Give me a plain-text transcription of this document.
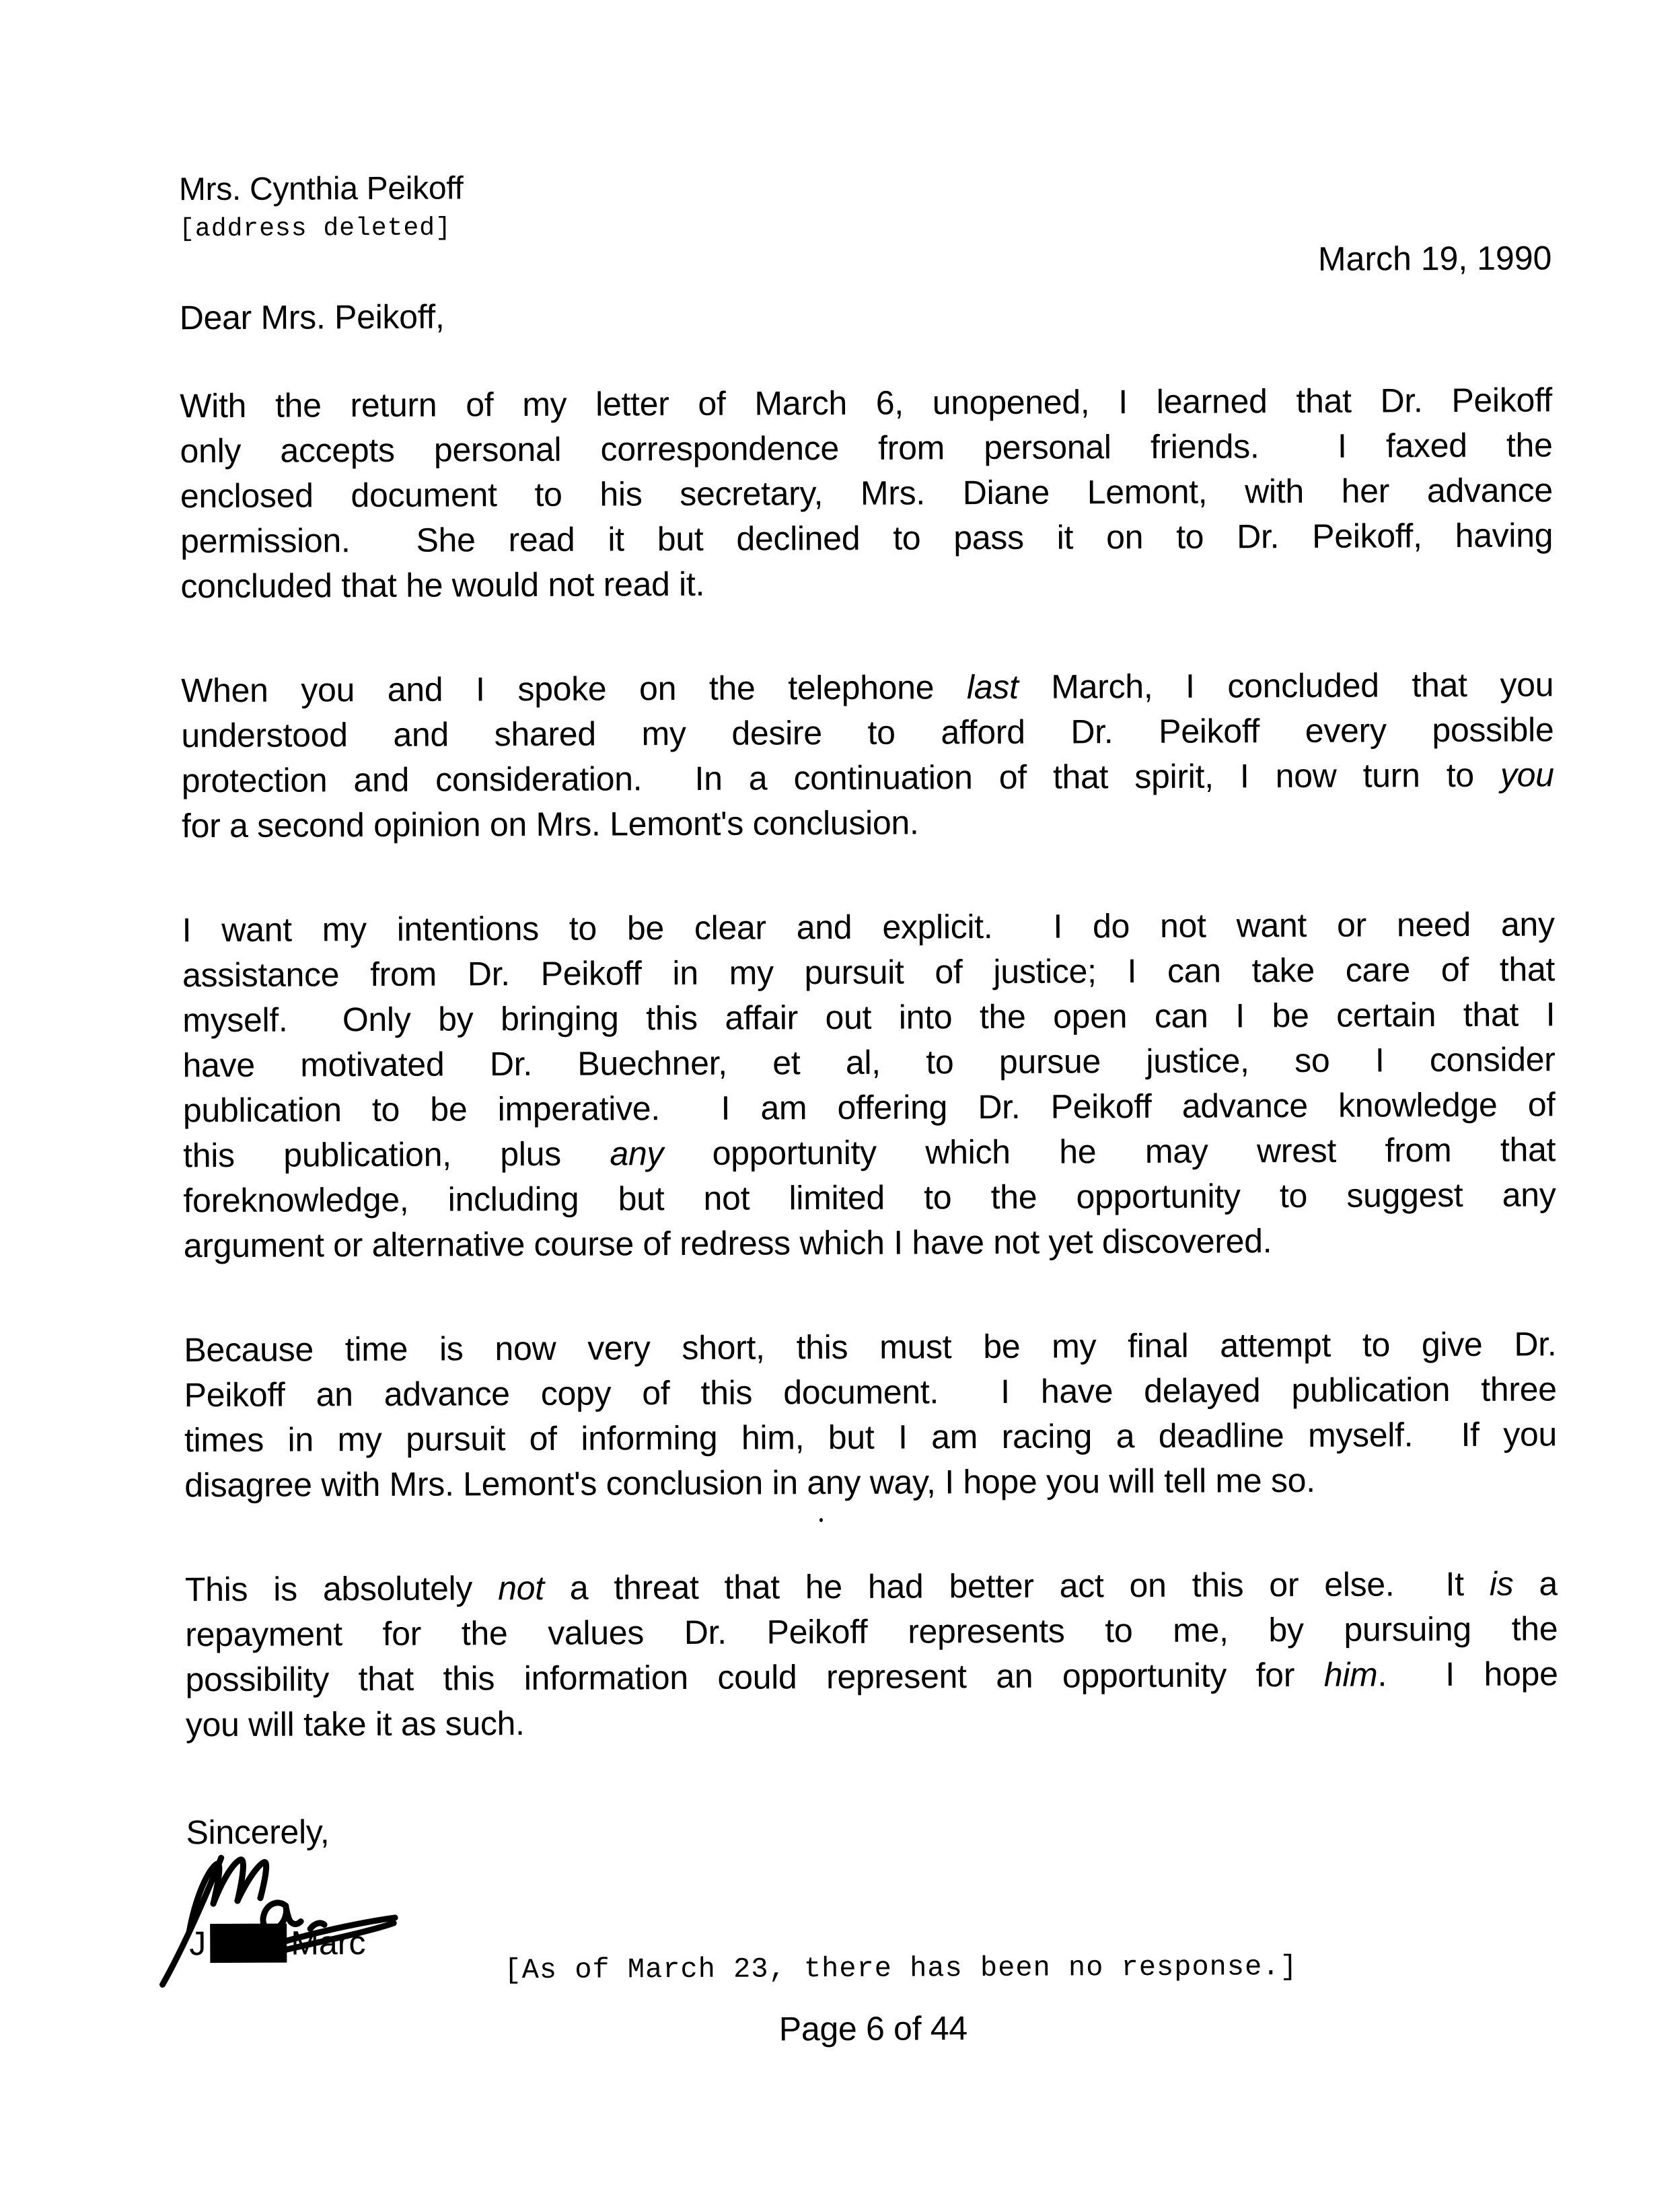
Mrs. Cynthia Peikoff
[address deleted]
March 19, 1990
Dear Mrs. Peikoff,
With the return of my letter of March 6, unopened, I learned that Dr. Peikoff
only accepts personal correspondence from personal friends.  I faxed the
enclosed document to his secretary, Mrs. Diane Lemont, with her advance
permission.  She read it but declined to pass it on to Dr. Peikoff, having
concluded that he would not read it.
When you and I spoke on the telephone last March, I concluded that you
understood and shared my desire to afford Dr. Peikoff every possible
protection and consideration.  In a continuation of that spirit, I now turn to you
for a second opinion on Mrs. Lemont's conclusion.
I want my intentions to be clear and explicit.  I do not want or need any
assistance from Dr. Peikoff in my pursuit of justice; I can take care of that
myself.  Only by bringing this affair out into the open can I be certain that I
have motivated Dr. Buechner, et al, to pursue justice, so I consider
publication to be imperative.  I am offering Dr. Peikoff advance knowledge of
this publication, plus any opportunity which he may wrest from that
foreknowledge, including but not limited to the opportunity to suggest any
argument or alternative course of redress which I have not yet discovered.
Because time is now very short, this must be my final attempt to give Dr.
Peikoff an advance copy of this document.  I have delayed publication three
times in my pursuit of informing him, but I am racing a deadline myself.  If you
disagree with Mrs. Lemont's conclusion in any way, I hope you will tell me so.
This is absolutely not a threat that he had better act on this or else.  It is a
repayment for the values Dr. Peikoff represents to me, by pursuing the
possibility that this information could represent an opportunity for him.  I hope
you will take it as such.
Sincerely,
J	Marc
[As of March 23, there has been no response.]
Page 6 of 44
